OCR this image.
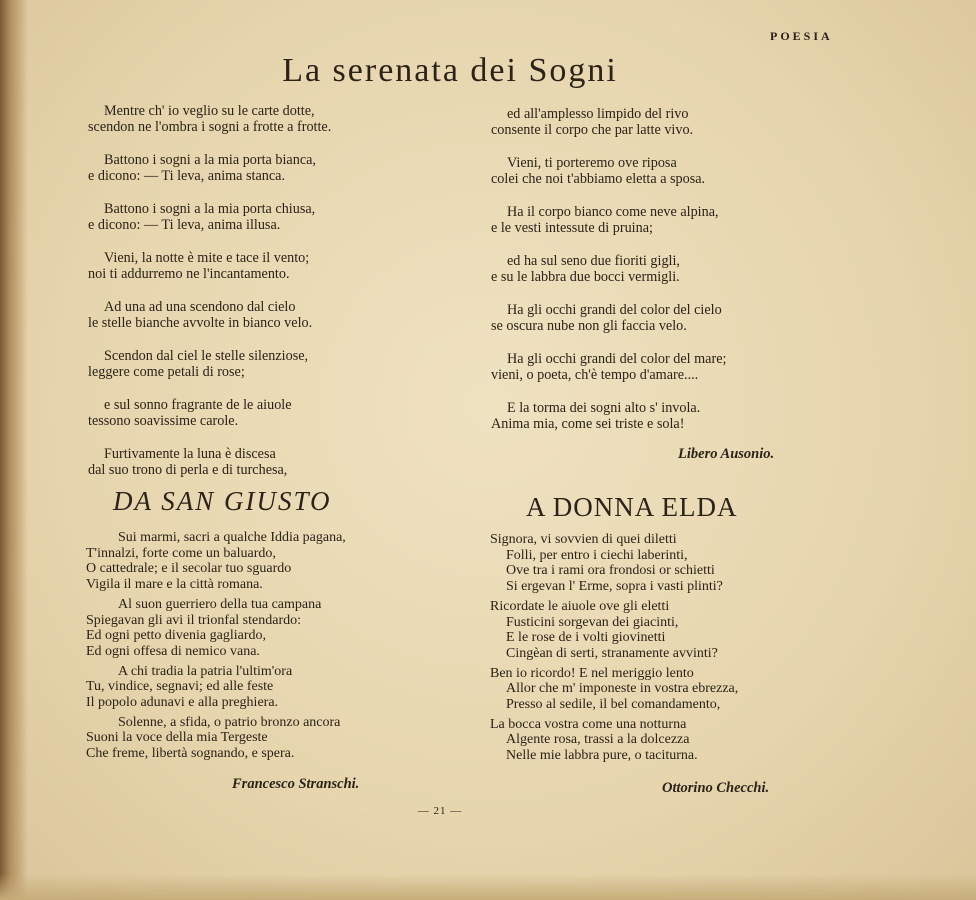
POESIA
La serenata dei Sogni
Mentre ch' io veglio su le carte dotte,
scendon ne l'ombra i sogni a frotte a frotte.
Battono i sogni a la mia porta bianca,
e dicono: — Ti leva, anima stanca.
Battono i sogni a la mia porta chiusa,
e dicono: — Ti leva, anima illusa.
Vieni, la notte è mite e tace il vento;
noi ti addurremo ne l'incantamento.
Ad una ad una scendono dal cielo
le stelle bianche avvolte in bianco velo.
Scendon dal ciel le stelle silenziose,
leggere come petali di rose;
e sul sonno fragrante de le aiuole
tessono soavissime carole.
Furtivamente la luna è discesa
dal suo trono di perla e di turchesa,
ed all'amplesso limpido del rivo
consente il corpo che par latte vivo.
Vieni, ti porteremo ove riposa
colei che noi t'abbiamo eletta a sposa.
Ha il corpo bianco come neve alpina,
e le vesti intessute di pruina;
ed ha sul seno due fioriti gigli,
e su le labbra due bocci vermigli.
Ha gli occhi grandi del color del cielo
se oscura nube non gli faccia velo.
Ha gli occhi grandi del color del mare;
vieni, o poeta, ch'è tempo d'amare....
E la torma dei sogni alto s' invola.
Anima mia, come sei triste e sola!
Libero Ausonio.
DA SAN GIUSTO
Sui marmi, sacri a qualche Iddia pagana,
T'innalzi, forte come un baluardo,
O cattedrale; e il secolar tuo sguardo
Vigila il mare e la città romana.
Al suon guerriero della tua campana
Spiegavan gli avi il trionfal stendardo:
Ed ogni petto divenia gagliardo,
Ed ogni offesa di nemico vana.
A chi tradia la patria l'ultim'ora
Tu, vindice, segnavi; ed alle feste
Il popolo adunavi e alla preghiera.
Solenne, a sfida, o patrio bronzo ancora
Suoni la voce della mia Tergeste
Che freme, libertà sognando, e spera.
Francesco Stranschi.
A DONNA ELDA
Signora, vi sovvien di quei diletti
Folli, per entro i ciechi laberinti,
Ove tra i rami ora frondosi or schietti
Si ergevan l' Erme, sopra i vasti plinti?
Ricordate le aiuole ove gli eletti
Fusticini sorgevan dei giacinti,
E le rose de i volti giovinetti
Cingèan di serti, stranamente avvinti?
Ben io ricordo! E nel meriggio lento
Allor che m' imponeste in vostra ebrezza,
Presso al sedile, il bel comandamento,
La bocca vostra come una notturna
Algente rosa, trassi a la dolcezza
Nelle mie labbra pure, o taciturna.
Ottorino Checchi.
— 21 —
